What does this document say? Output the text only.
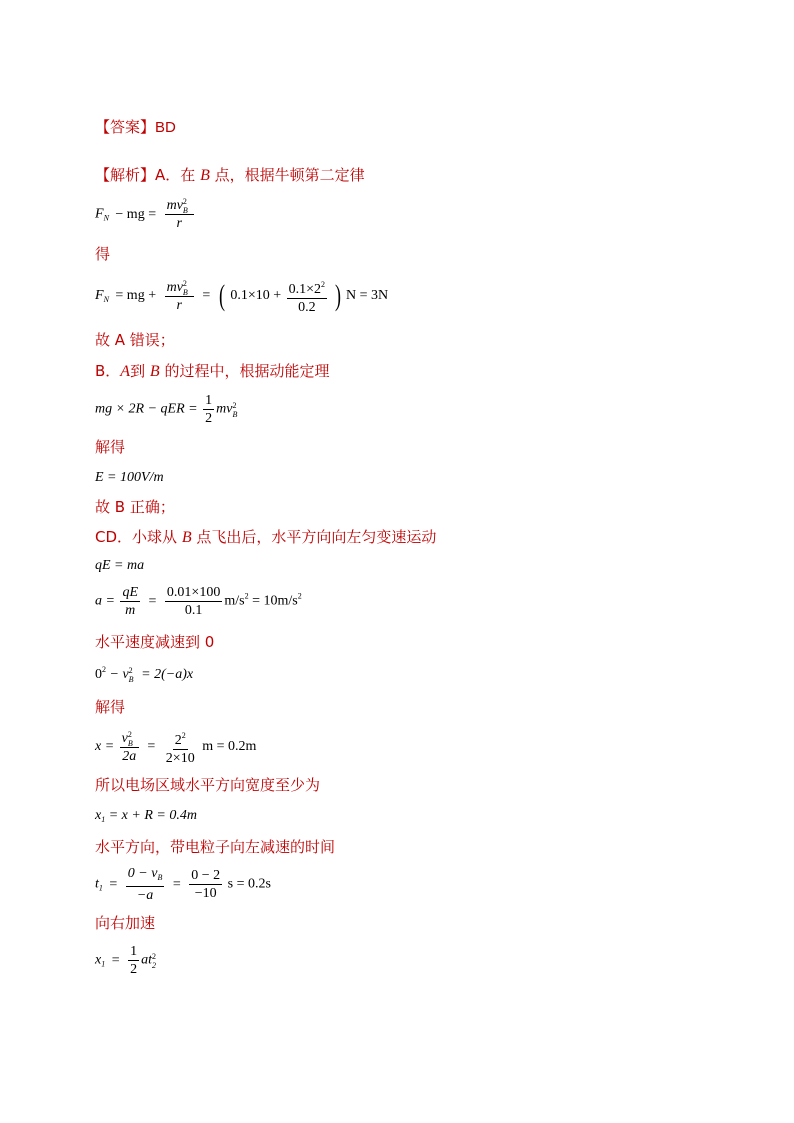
【答案】BD
【解析】A．在 B 点，根据牛顿第二定律
$F_N$ − mg = mv 2
B
r
得
$F_N$ = mg + mv 2
B
r = ( $0.1\times 10 + \frac{0.1\times 2^2}{0.2}$ ) N = 3N
故 A 错误；
B．A到 B 的过程中，根据动能定理
mg × 2R − qER = $\frac{1}{2}$ mv 2
B
解得
E = 100V/m
故 B 正确；
CD．小球从 B 点飞出后，水平方向向左匀变速运动
qE = ma
$a = \frac{qE}{m} = \frac{0.01\times 100}{0.1} m/s^2 = 10m/s^2$
水平速度减速到 0
$0^2 - v$ 2
B = 2(−a)x
解得
x = v 2
B
$2a = \frac{2^2}{2\times 10}$ m = 0.2m
所以电场区域水平方向宽度至少为
$x_1 = x + R = 0.4m$
水平方向，带电粒子向左减速的时间
$t_1 = \frac{0 - v_B}{-a} = \frac{0 - 2}{-10}$ s = 0.2s
向右加速
$x_1 = \frac{1}{2}$ at 2
2
